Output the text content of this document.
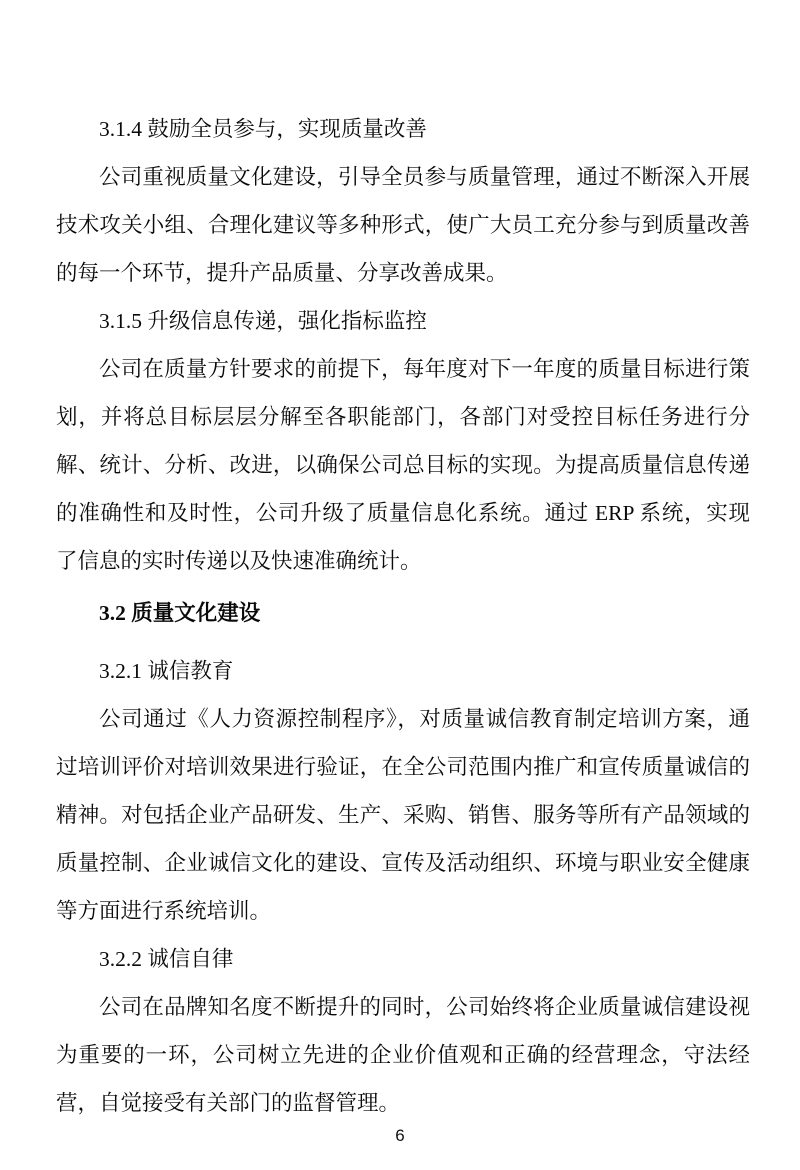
3.1.4 鼓励全员参与，实现质量改善

公司重视质量文化建设，引导全员参与质量管理，通过不断深入开展技术攻关小组、合理化建议等多种形式，使广大员工充分参与到质量改善的每一个环节，提升产品质量、分享改善成果。

3.1.5 升级信息传递，强化指标监控

公司在质量方针要求的前提下，每年度对下一年度的质量目标进行策划，并将总目标层层分解至各职能部门，各部门对受控目标任务进行分解、统计、分析、改进，以确保公司总目标的实现。为提高质量信息传递的准确性和及时性，公司升级了质量信息化系统。通过 ERP 系统，实现了信息的实时传递以及快速准确统计。

3.2 质量文化建设

3.2.1 诚信教育

公司通过《人力资源控制程序》，对质量诚信教育制定培训方案，通过培训评价对培训效果进行验证，在全公司范围内推广和宣传质量诚信的精神。对包括企业产品研发、生产、采购、销售、服务等所有产品领域的质量控制、企业诚信文化的建设、宣传及活动组织、环境与职业安全健康等方面进行系统培训。

3.2.2 诚信自律

公司在品牌知名度不断提升的同时，公司始终将企业质量诚信建设视为重要的一环，公司树立先进的企业价值观和正确的经营理念，守法经营，自觉接受有关部门的监督管理。

6
